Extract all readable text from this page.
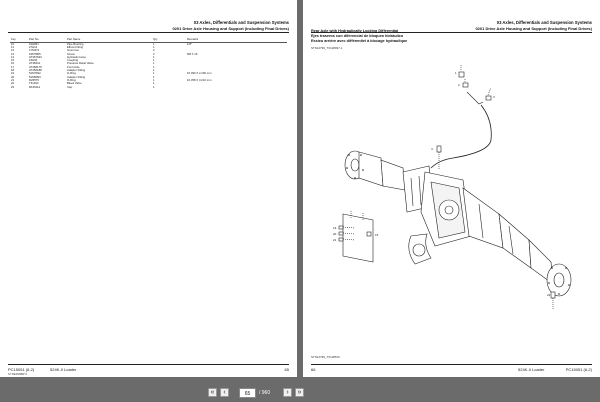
03 Axles, Differentials and Suspension Systems
0201 Drive Axle Housing and Support (Including Final Drives)
Key	Part No.	Part Name	Qty	Remarks
10	19H831	Pipe Bushing	1	1/8"
11	27H12	Elbow Fitting	1	
12	17M474	Grommet	2	
13	19M7865	Screw	2	M8 X 16
14	AT367633	Hydraulic Hose	1	
15	19H03	Coupling	1	
16	AT48441	Pressure Relief Valve	1	
17	AT468176	Front Axle	1	
18	AT456188	Adapter Fitting	1	
19	51M7932	O-Ring	1	15.390 X 2.200 mm
20	51M5993	Adapter Fitting	1	
21	R26575	O-Ring	1	16.358 X 3.210 mm
22	T61913	Bleed Valve	1	
23	R166112	Cap	1	
PC15051 (6-2)	524K-II Loader	65
SYNE4NBBZ.X
03 Axles, Differentials and Suspension Systems
0201 Drive Axle Housing and Support (Including Final Drives)
Rear Axle with Hydraulically Locking Differential
Ejes traseros con diferencial de bloqueo hidráulico
Essieu arrière avec différentiel à blocage hydraulique
STN14799_TX128037-1
1
2
3
4
19
20
21
16
22
STN14799_TX128570
66	524K-II Loader	PC15051 (6-2)
«	‹	65	/ 960	›	»
